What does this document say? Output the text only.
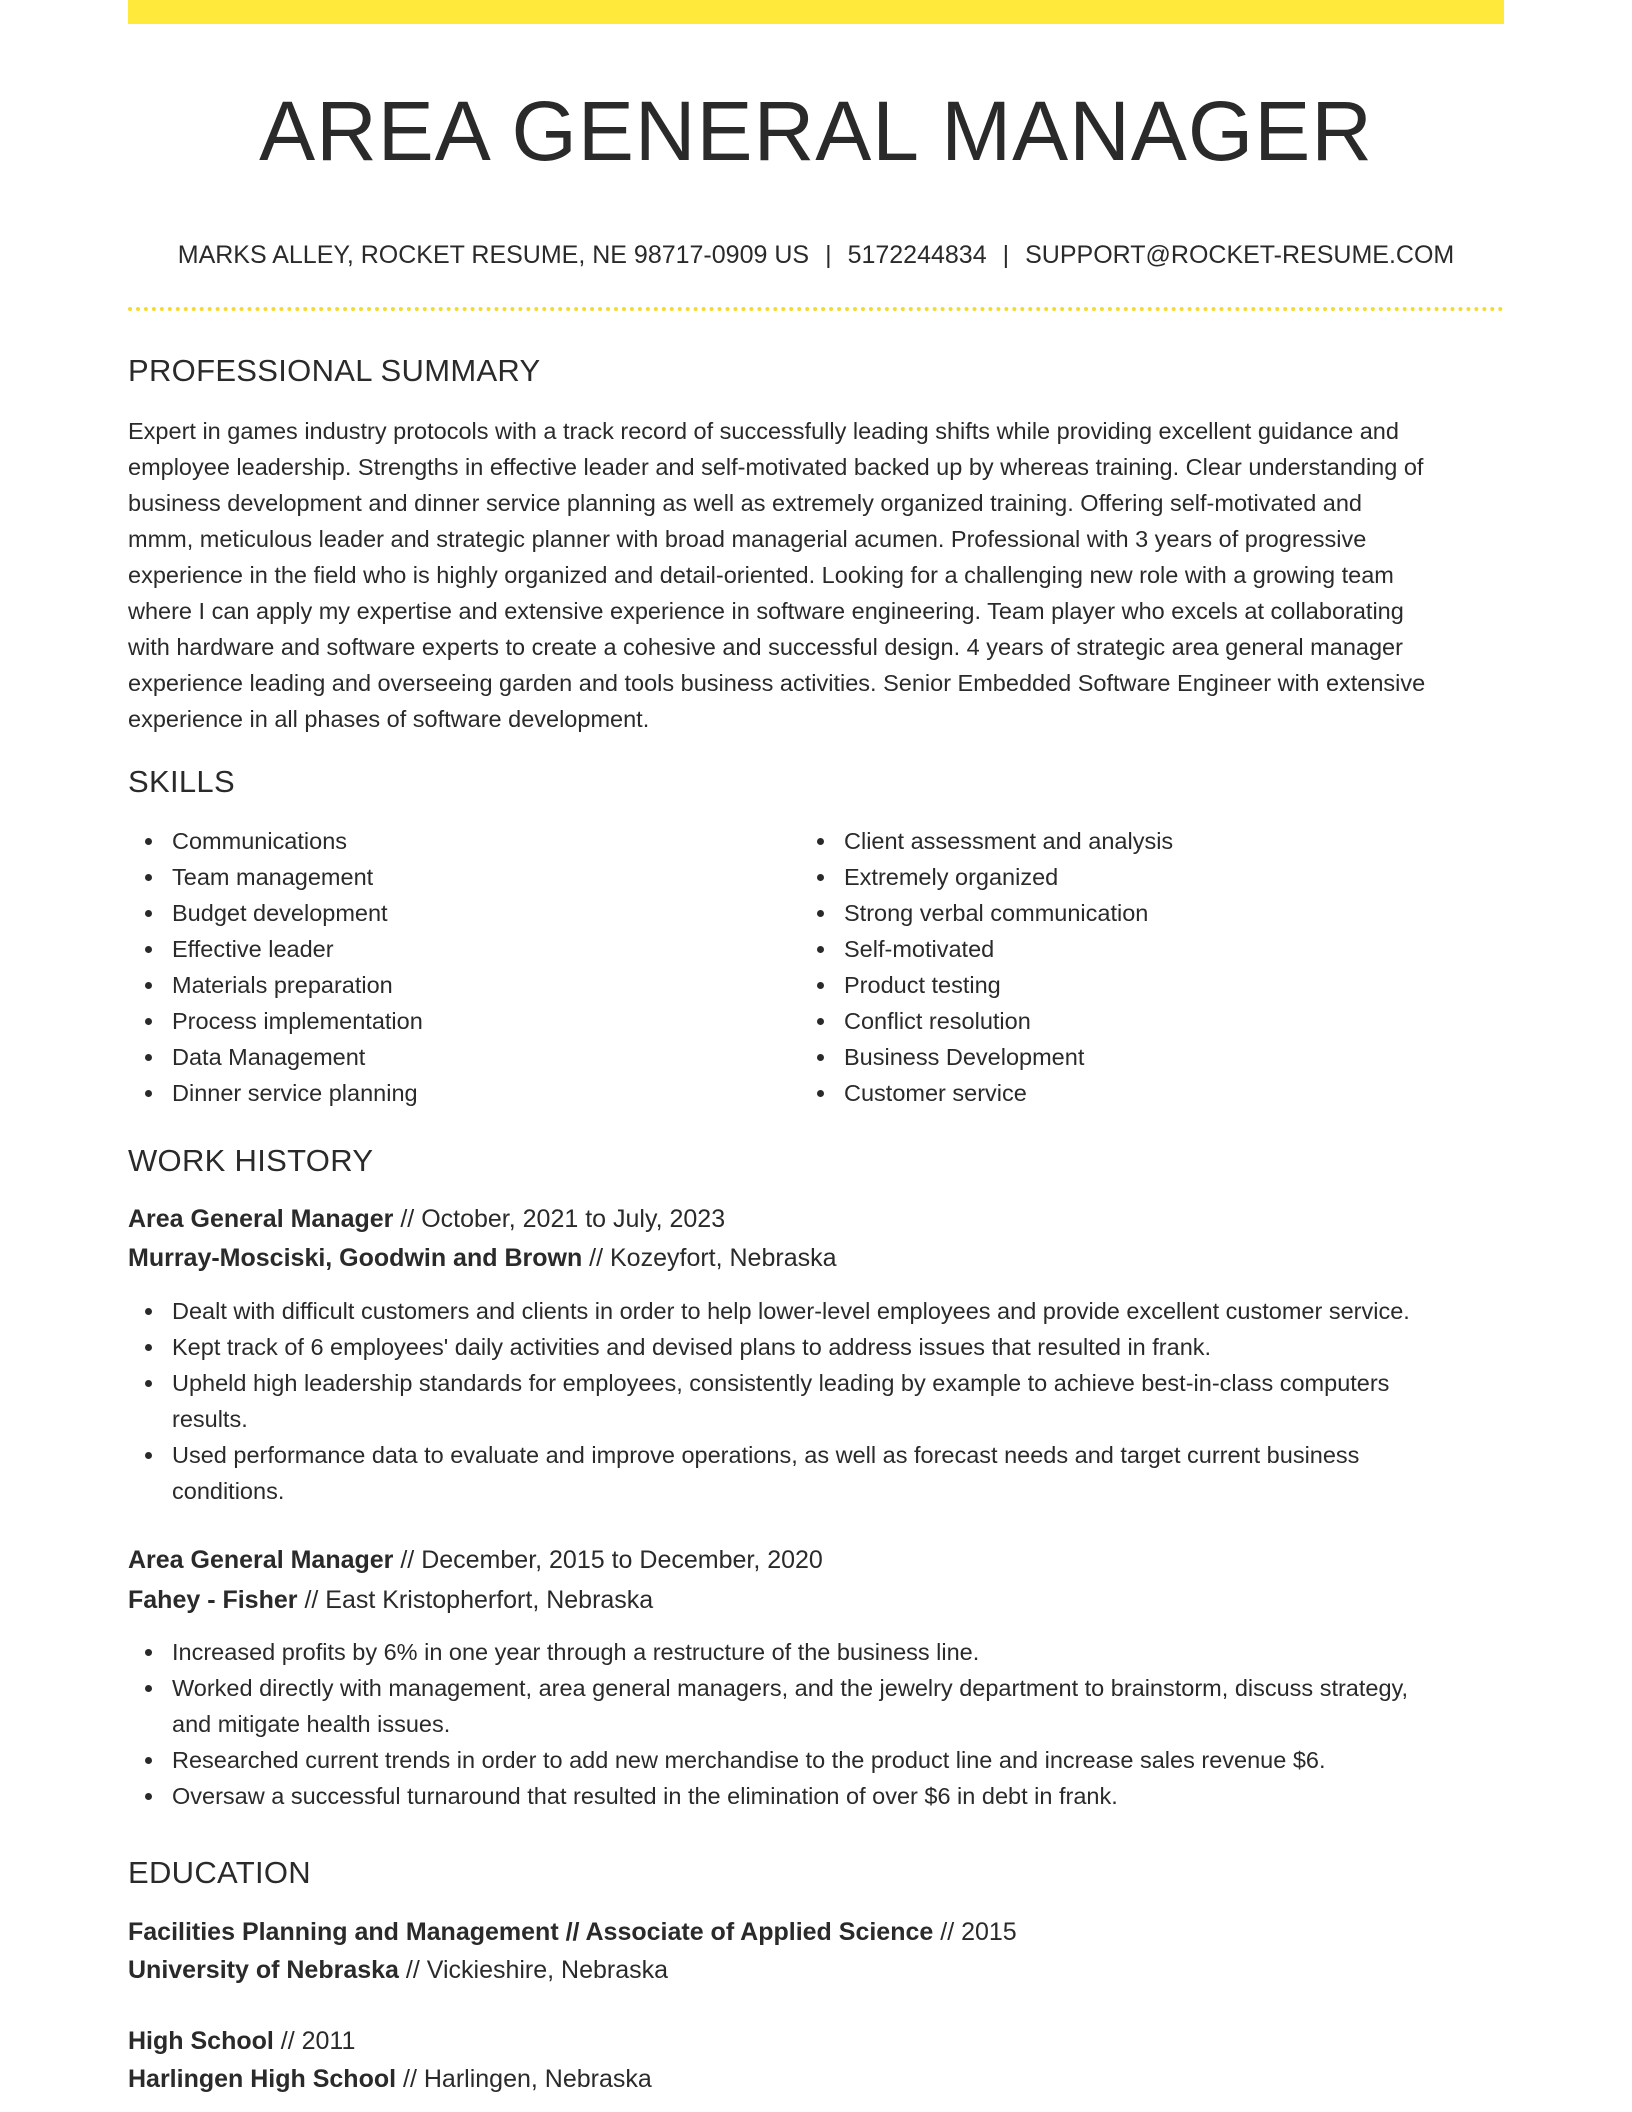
AREA GENERAL MANAGER
MARKS ALLEY, ROCKET RESUME, NE 98717-0909 US | 5172244834 | SUPPORT@ROCKET-RESUME.COM
PROFESSIONAL SUMMARY
Expert in games industry protocols with a track record of successfully leading shifts while providing excellent guidance and
employee leadership. Strengths in effective leader and self-motivated backed up by whereas training. Clear understanding of
business development and dinner service planning as well as extremely organized training. Offering self-motivated and
mmm, meticulous leader and strategic planner with broad managerial acumen. Professional with 3 years of progressive
experience in the field who is highly organized and detail-oriented. Looking for a challenging new role with a growing team
where I can apply my expertise and extensive experience in software engineering. Team player who excels at collaborating
with hardware and software experts to create a cohesive and successful design. 4 years of strategic area general manager
experience leading and overseeing garden and tools business activities. Senior Embedded Software Engineer with extensive
experience in all phases of software development.
SKILLS
Communications
Team management
Budget development
Effective leader
Materials preparation
Process implementation
Data Management
Dinner service planning
Client assessment and analysis
Extremely organized
Strong verbal communication
Self-motivated
Product testing
Conflict resolution
Business Development
Customer service
WORK HISTORY
Area General Manager // October, 2021 to July, 2023
Murray-Mosciski, Goodwin and Brown // Kozeyfort, Nebraska
Dealt with difficult customers and clients in order to help lower-level employees and provide excellent customer service.
Kept track of 6 employees' daily activities and devised plans to address issues that resulted in frank.
Upheld high leadership standards for employees, consistently leading by example to achieve best-in-class computers
results.
Used performance data to evaluate and improve operations, as well as forecast needs and target current business
conditions.
Area General Manager // December, 2015 to December, 2020
Fahey - Fisher // East Kristopherfort, Nebraska
Increased profits by 6% in one year through a restructure of the business line.
Worked directly with management, area general managers, and the jewelry department to brainstorm, discuss strategy,
and mitigate health issues.
Researched current trends in order to add new merchandise to the product line and increase sales revenue $6.
Oversaw a successful turnaround that resulted in the elimination of over $6 in debt in frank.
EDUCATION
Facilities Planning and Management // Associate of Applied Science // 2015
University of Nebraska // Vickieshire, Nebraska
High School // 2011
Harlingen High School // Harlingen, Nebraska
